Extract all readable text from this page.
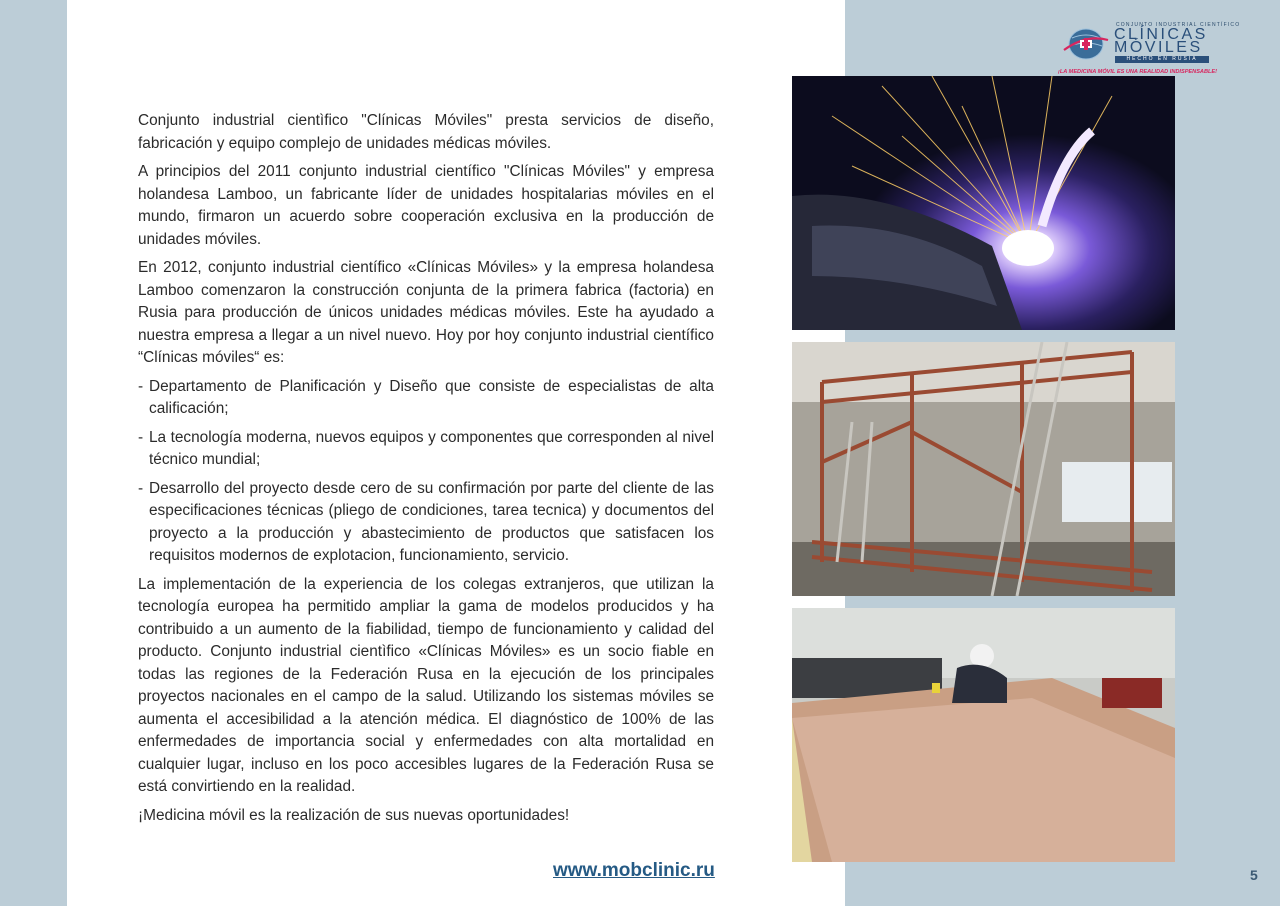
CONJUNTO INDUSTRIAL CIENTÍFICO
CLÍNICAS
MÓVILES
HECHO EN RUSIA
¡LA MEDICINA MÓVIL ES UNA REALIDAD INDISPENSABLE!

Conjunto industrial cientìfico "Clínicas Móviles" presta servicios de diseño, fabricación y equipo complejo de unidades médicas móviles.

A principios del 2011 conjunto industrial científico "Clínicas Móviles" y empresa holandesa Lamboo, un fabricante líder de unidades hospitalarias móviles en el mundo, firmaron un acuerdo sobre cooperación exclusiva en la producción de unidades móviles.

En 2012, conjunto industrial científico «Clínicas Móviles» y la empresa holandesa Lamboo comenzaron la construcción conjunta de la primera fabrica (factoria) en Rusia para producción de únicos unidades médicas móviles. Este ha ayudado a nuestra empresa a llegar a un nivel nuevo. Hoy por hoy conjunto industrial científico “Clínicas móviles“ es:

- Departamento de Planificación y Diseño que consiste de especialistas de alta calificación;
- La tecnología moderna, nuevos equipos y componentes que corresponden al nivel técnico mundial;
- Desarrollo del proyecto desde cero de su confirmación por parte del cliente de las especificaciones técnicas (pliego de condiciones, tarea tecnica) y documentos del proyecto a la producción y abastecimiento de productos que satisfacen los requisitos modernos de explotacion, funcionamiento, servicio.

La implementación de la experiencia de los colegas extranjeros, que utilizan la tecnología europea ha permitido ampliar la gama de modelos producidos y ha contribuido a un aumento de la fiabilidad, tiempo de funcionamiento y calidad del producto. Conjunto industrial cientìfico «Clínicas Móviles» es un socio fiable en todas las regiones de la Federación Rusa en la ejecución de los principales proyectos nacionales en el campo de la salud. Utilizando los sistemas móviles se aumenta el accesibilidad a la atención médica. El diagnóstico de 100% de las enfermedades de importancia social y enfermedades con alta mortalidad en cualquier lugar, incluso en los poco accesibles lugares de la Federación Rusa se está convirtiendo en la realidad.

¡Medicina móvil es la realización de sus nuevas oportunidades!

www.mobclinic.ru	5
